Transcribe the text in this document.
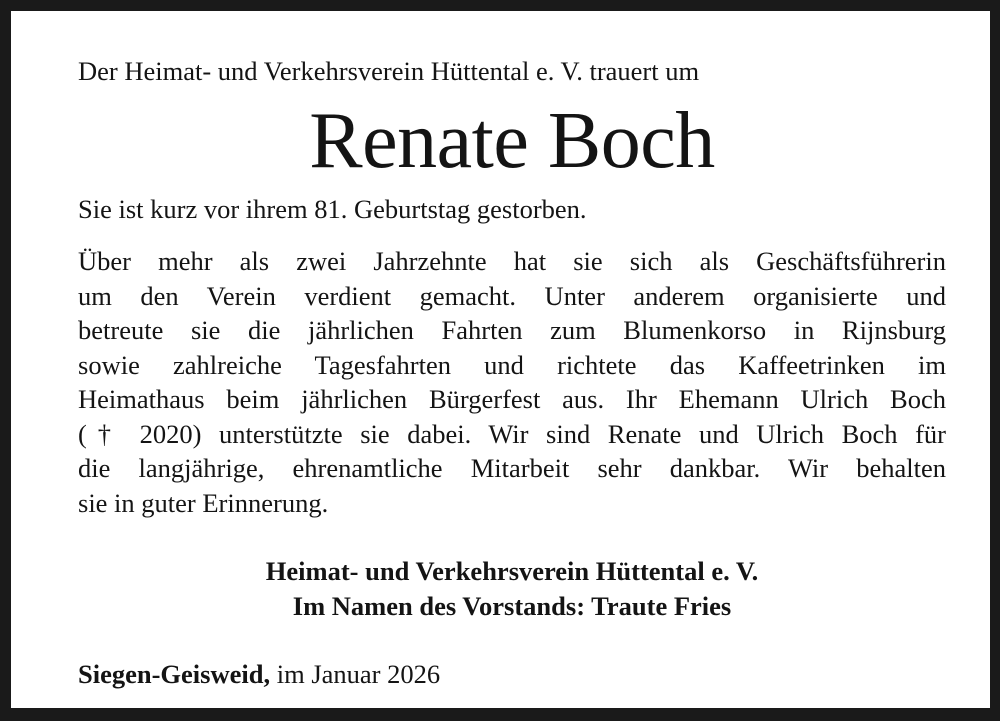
Der Heimat- und Verkehrsverein Hüttental e. V. trauert um
Renate Boch
Sie ist kurz vor ihrem 81. Geburtstag gestorben.
Über mehr als zwei Jahrzehnte hat sie sich als Geschäftsführerin
um den Verein verdient gemacht. Unter anderem organisierte und
betreute sie die jährlichen Fahrten zum Blumenkorso in Rijnsburg
sowie zahlreiche Tagesfahrten und richtete das Kaffeetrinken im
Heimathaus beim jährlichen Bürgerfest aus. Ihr Ehemann Ulrich Boch
(† 2020) unterstützte sie dabei. Wir sind Renate und Ulrich Boch für
die langjährige, ehrenamtliche Mitarbeit sehr dankbar. Wir behalten
sie in guter Erinnerung.
Heimat- und Verkehrsverein Hüttental e. V.
Im Namen des Vorstands: Traute Fries
Siegen-Geisweid, im Januar 2026
